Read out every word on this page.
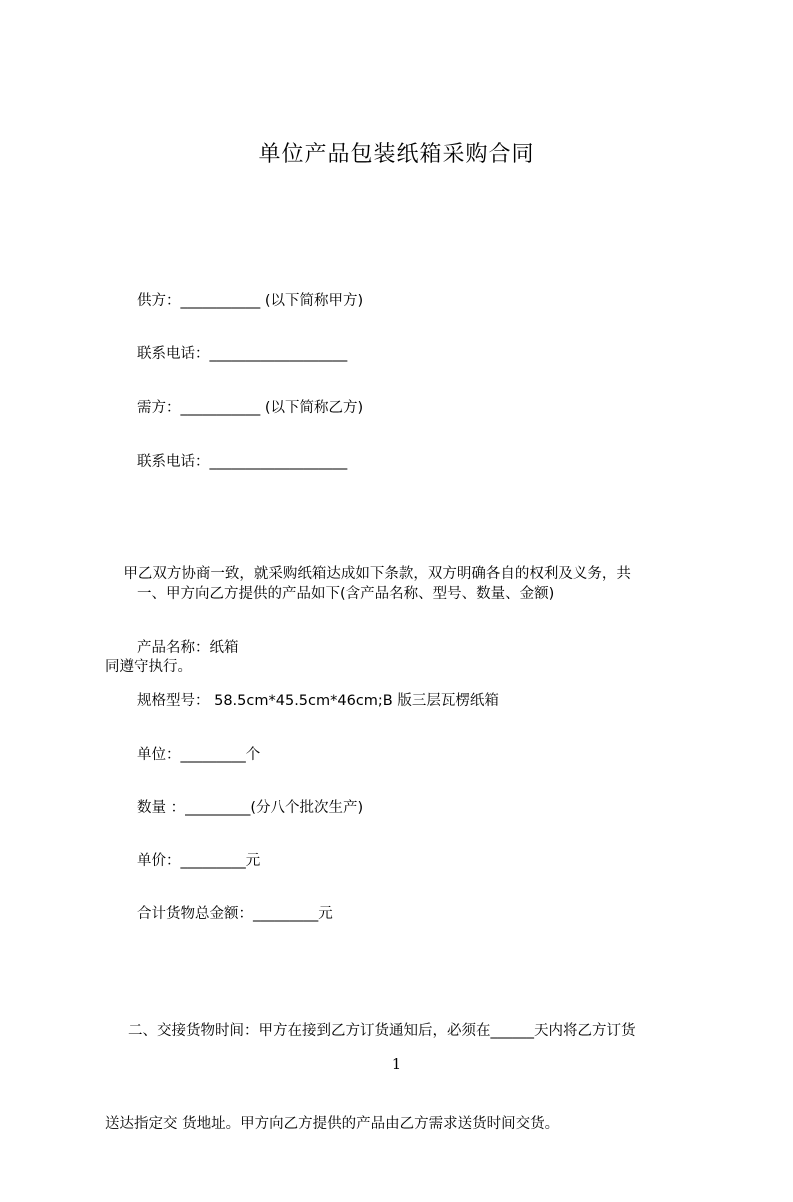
单位产品包装纸箱采购合同
供方：___________ (以下简称甲方)
联系电话：___________________
需方：___________ (以下简称乙方)
联系电话：___________________

甲乙双方协商一致，就采购纸箱达成如下条款，双方明确各自的权利及义务，共

同遵守执行。

一、甲方向乙方提供的产品如下(含产品名称、型号、数量、金额)
产品名称：纸箱
规格型号： 58.5cm*45.5cm*46cm;B 版三层瓦楞纸箱
单位：_________个
数量 ：_________(分八个批次生产)
单价：_________元
合计货物总金额：_________元

二、交接货物时间：甲方在接到乙方订货通知后，必须在______天内将乙方订货

送达指定交 货地址。甲方向乙方提供的产品由乙方需求送货时间交货。

1
